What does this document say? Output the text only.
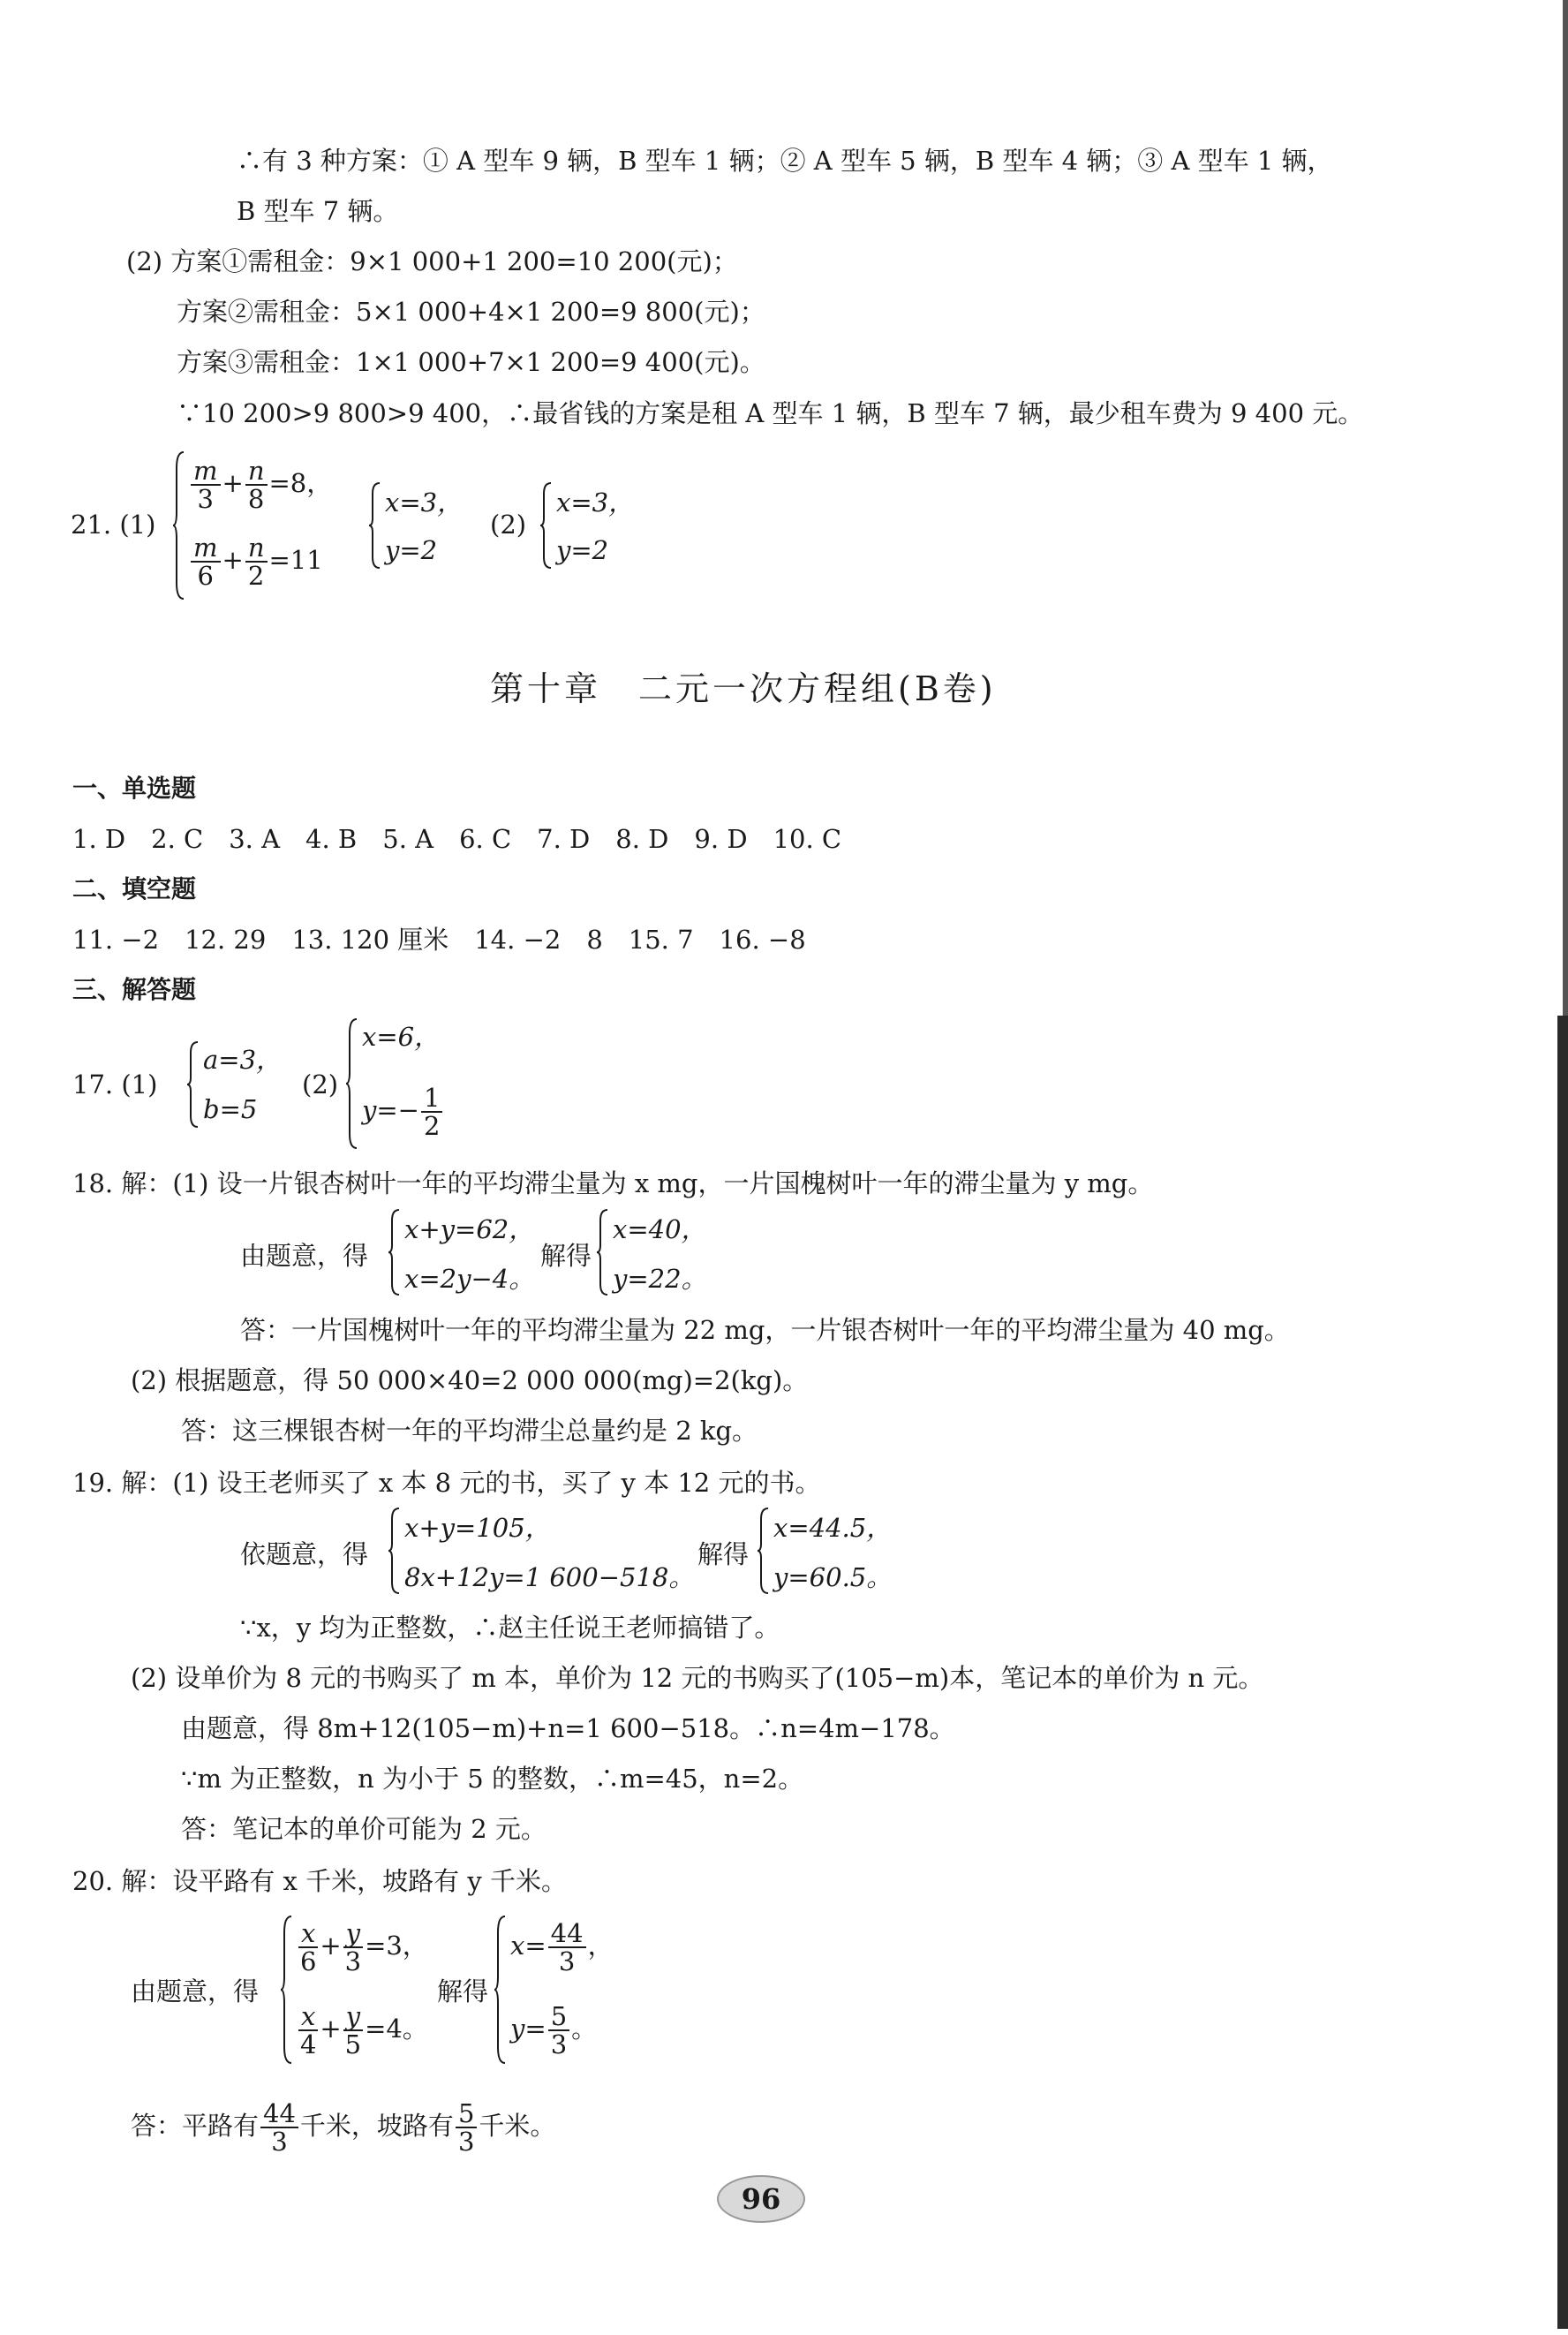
∴有 3 种方案：① A 型车 9 辆，B 型车 1 辆；② A 型车 5 辆，B 型车 4 辆；③ A 型车 1 辆，
B 型车 7 辆。
(2) 方案①需租金：9×1 000+1 200=10 200(元)；
方案②需租金：5×1 000+4×1 200=9 800(元)；
方案③需租金：1×1 000+7×1 200=9 400(元)。
∵10 200>9 800>9 400，∴最省钱的方案是租 A 型车 1 辆，B 型车 7 辆，最少租车费为 9 400 元。
21. (1)
$\frac{m}{3} + \frac{n}{8} =8$，
$\frac{m}{6} + \frac{n}{2} =11$
x=3，
y=2
(2)
x=3，
y=2
第十章　二元一次方程组(B卷)
一、单选题
1. D　2. C　3. A　4. B　5. A　6. C　7. D　8. D　9. D　10. C
二、填空题
11. −2　12. 29　13. 120 厘米　14. −2　8　15. 7　16. −8
三、解答题
17. (1)
a=3，
b=5
(2)
x=6，
$y=- \frac{1}{2}$
18. 解：(1) 设一片银杏树叶一年的平均滞尘量为 x mg，一片国槐树叶一年的滞尘量为 y mg。
由题意，得
x+y=62，
x=2y−4。
解得
x=40，
y=22。
答：一片国槐树叶一年的平均滞尘量为 22 mg，一片银杏树叶一年的平均滞尘量为 40 mg。
(2) 根据题意，得 50 000×40=2 000 000(mg)=2(kg)。
答：这三棵银杏树一年的平均滞尘总量约是 2 kg。
19. 解：(1) 设王老师买了 x 本 8 元的书，买了 y 本 12 元的书。
依题意，得
x+y=105，
8x+12y=1 600−518。
解得
x=44.5，
y=60.5。
∵x，y 均为正整数，∴赵主任说王老师搞错了。
(2) 设单价为 8 元的书购买了 m 本，单价为 12 元的书购买了(105−m)本，笔记本的单价为 n 元。
由题意，得 8m+12(105−m)+n=1 600−518。∴n=4m−178。
∵m 为正整数，n 为小于 5 的整数，∴m=45，n=2。
答：笔记本的单价可能为 2 元。
20. 解：设平路有 x 千米，坡路有 y 千米。
由题意，得
$\frac{x}{6} + \frac{y}{3} =3$，
$\frac{x}{4} + \frac{y}{5} =4$。
解得
$x= \frac{44}{3}$ ，
$y= \frac{5}{3}$ 。
答：平路有 $\frac{44}{3}$ 千米，坡路有 $\frac{5}{3}$ 千米。
96
